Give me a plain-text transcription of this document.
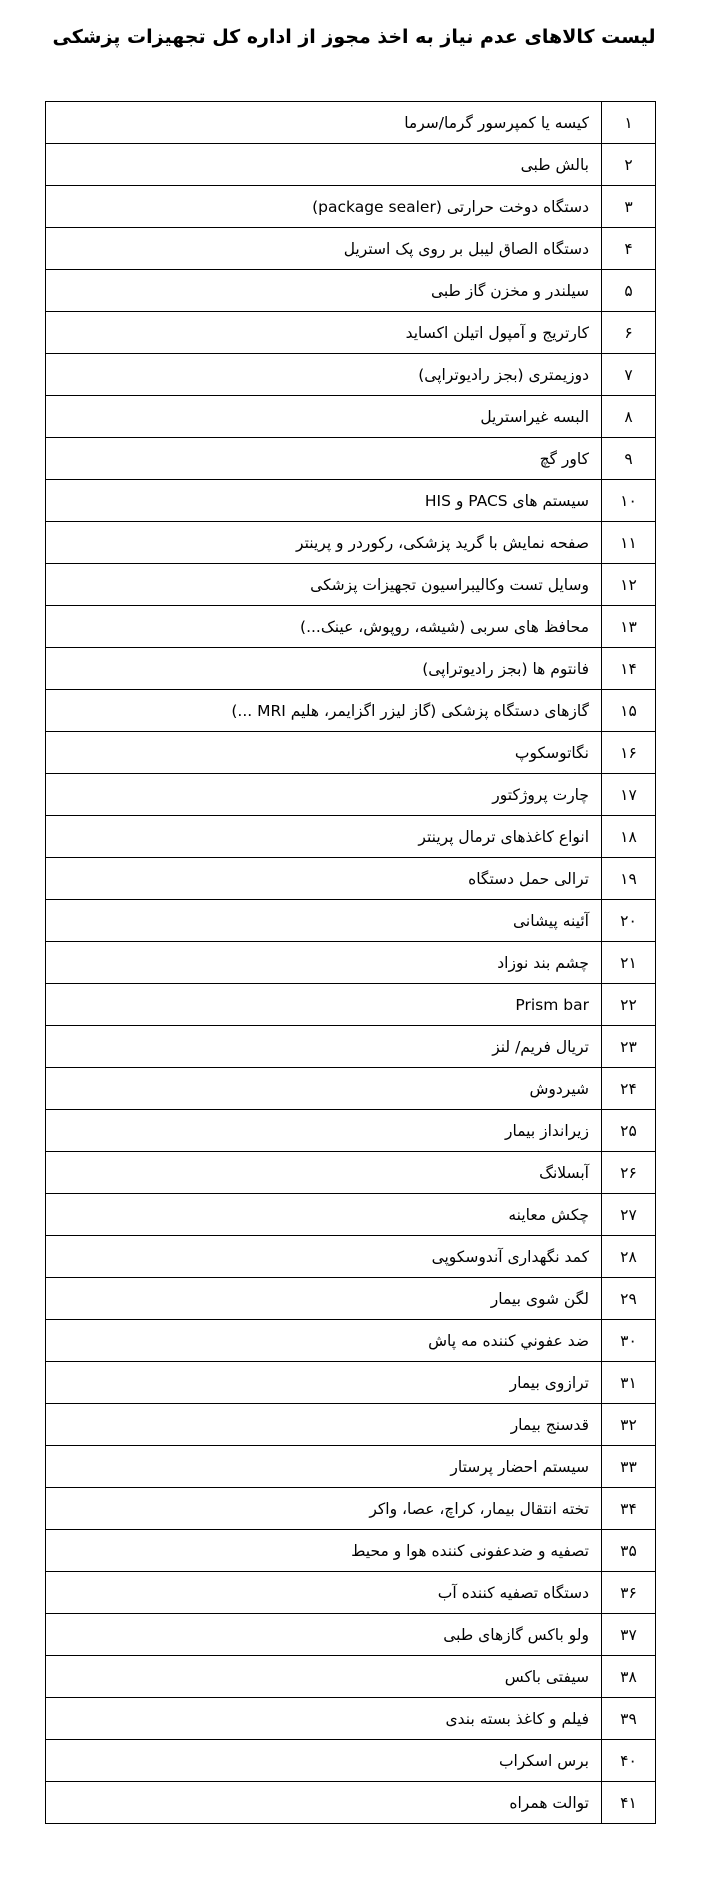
لیست کالاهای عدم نیاز به اخذ مجوز از اداره کل تجهیزات پزشکی
۱	کیسه یا کمپرسور گرما/سرما
۲	بالش طبی
۳	دستگاه دوخت حرارتی (package sealer)
۴	دستگاه الصاق لیبل بر روی پک استریل
۵	سیلندر و مخزن گاز طبی
۶	کارتریج و آمپول اتیلن اکساید
۷	دوزیمتری (بجز رادیوتراپی)
۸	البسه غیراستریل
۹	کاور گچ
۱۰	سیستم های PACS و HIS
۱۱	صفحه نمایش با گرید پزشکی، رکوردر و پرینتر
۱۲	وسایل تست وکالیبراسیون تجهیزات پزشکی
۱۳	محافظ های سربی (شیشه، روپوش، عینک...)
۱۴	فانتوم ها (بجز رادیوتراپی)
۱۵	گازهای دستگاه پزشکی (گاز لیزر اگزایمر، هلیم MRI ...)
۱۶	نگاتوسکوپ
۱۷	چارت پروژکتور
۱۸	انواع کاغذهای ترمال پرینتر
۱۹	ترالی حمل دستگاه
۲۰	آئینه پیشانی
۲۱	چشم بند نوزاد
۲۲	Prism bar
۲۳	تریال فریم/ لنز
۲۴	شیردوش
۲۵	زیرانداز بیمار
۲۶	آبسلانگ
۲۷	چکش معاینه
۲۸	کمد نگهداری آندوسکوپی
۲۹	لگن شوی بیمار
۳۰	ضد عفوني كننده مه پاش
۳۱	ترازوی بیمار
۳۲	قدسنج بیمار
۳۳	سیستم احضار پرستار
۳۴	تخته انتقال بیمار، کراچ، عصا، واکر
۳۵	تصفیه و ضدعفونی کننده هوا و محیط
۳۶	دستگاه تصفیه کننده آب
۳۷	ولو باکس گازهای طبی
۳۸	سیفتی باکس
۳۹	فیلم و کاغذ بسته بندی
۴۰	برس اسکراب
۴۱	توالت همراه
